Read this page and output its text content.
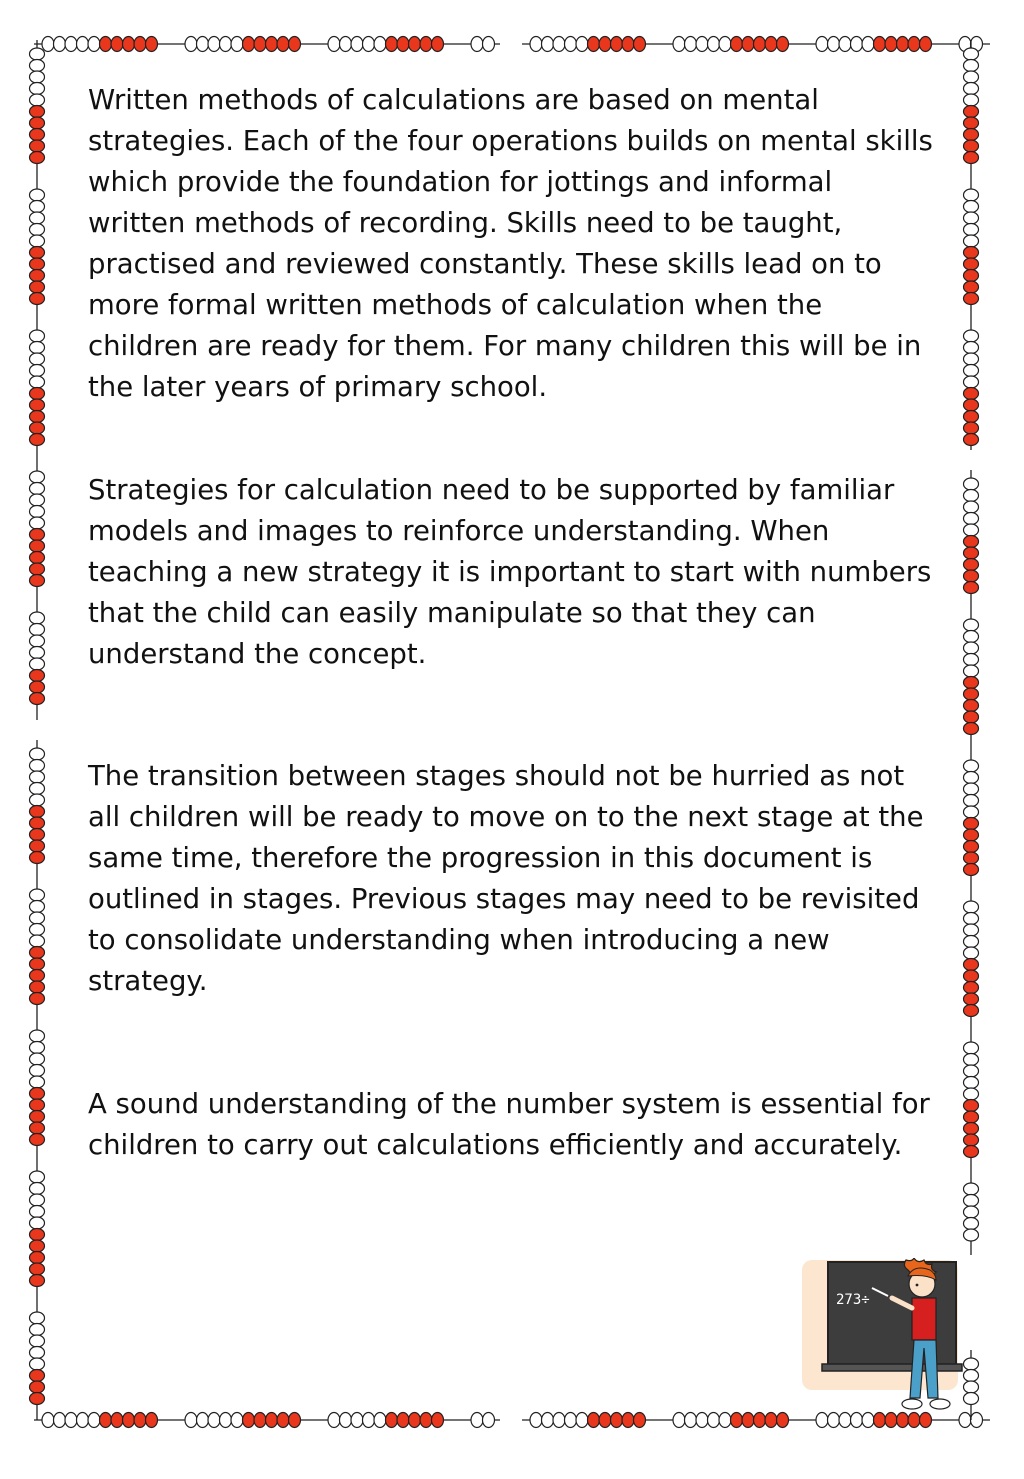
Written methods of calculations are based on mental strategies. Each of the four operations builds on mental skills which provide the foundation for jottings and informal written methods of recording. Skills need to be taught, practised and reviewed constantly. These skills lead on to more formal written methods of calculation when the children are ready for them. For many children this will be in the later years of primary school.

Strategies for calculation need to be supported by familiar models and images to reinforce understanding. When teaching a new strategy it is important to start with numbers that the child can easily manipulate so that they can understand the concept.

The transition between stages should not be hurried as not all children will be ready to move on to the next stage at the same time, therefore the progression in this document is outlined in stages. Previous stages may need to be revisited to consolidate understanding when introducing a new strategy.

A sound understanding of the number system is essential for children to carry out calculations efficiently and accurately.

273÷
